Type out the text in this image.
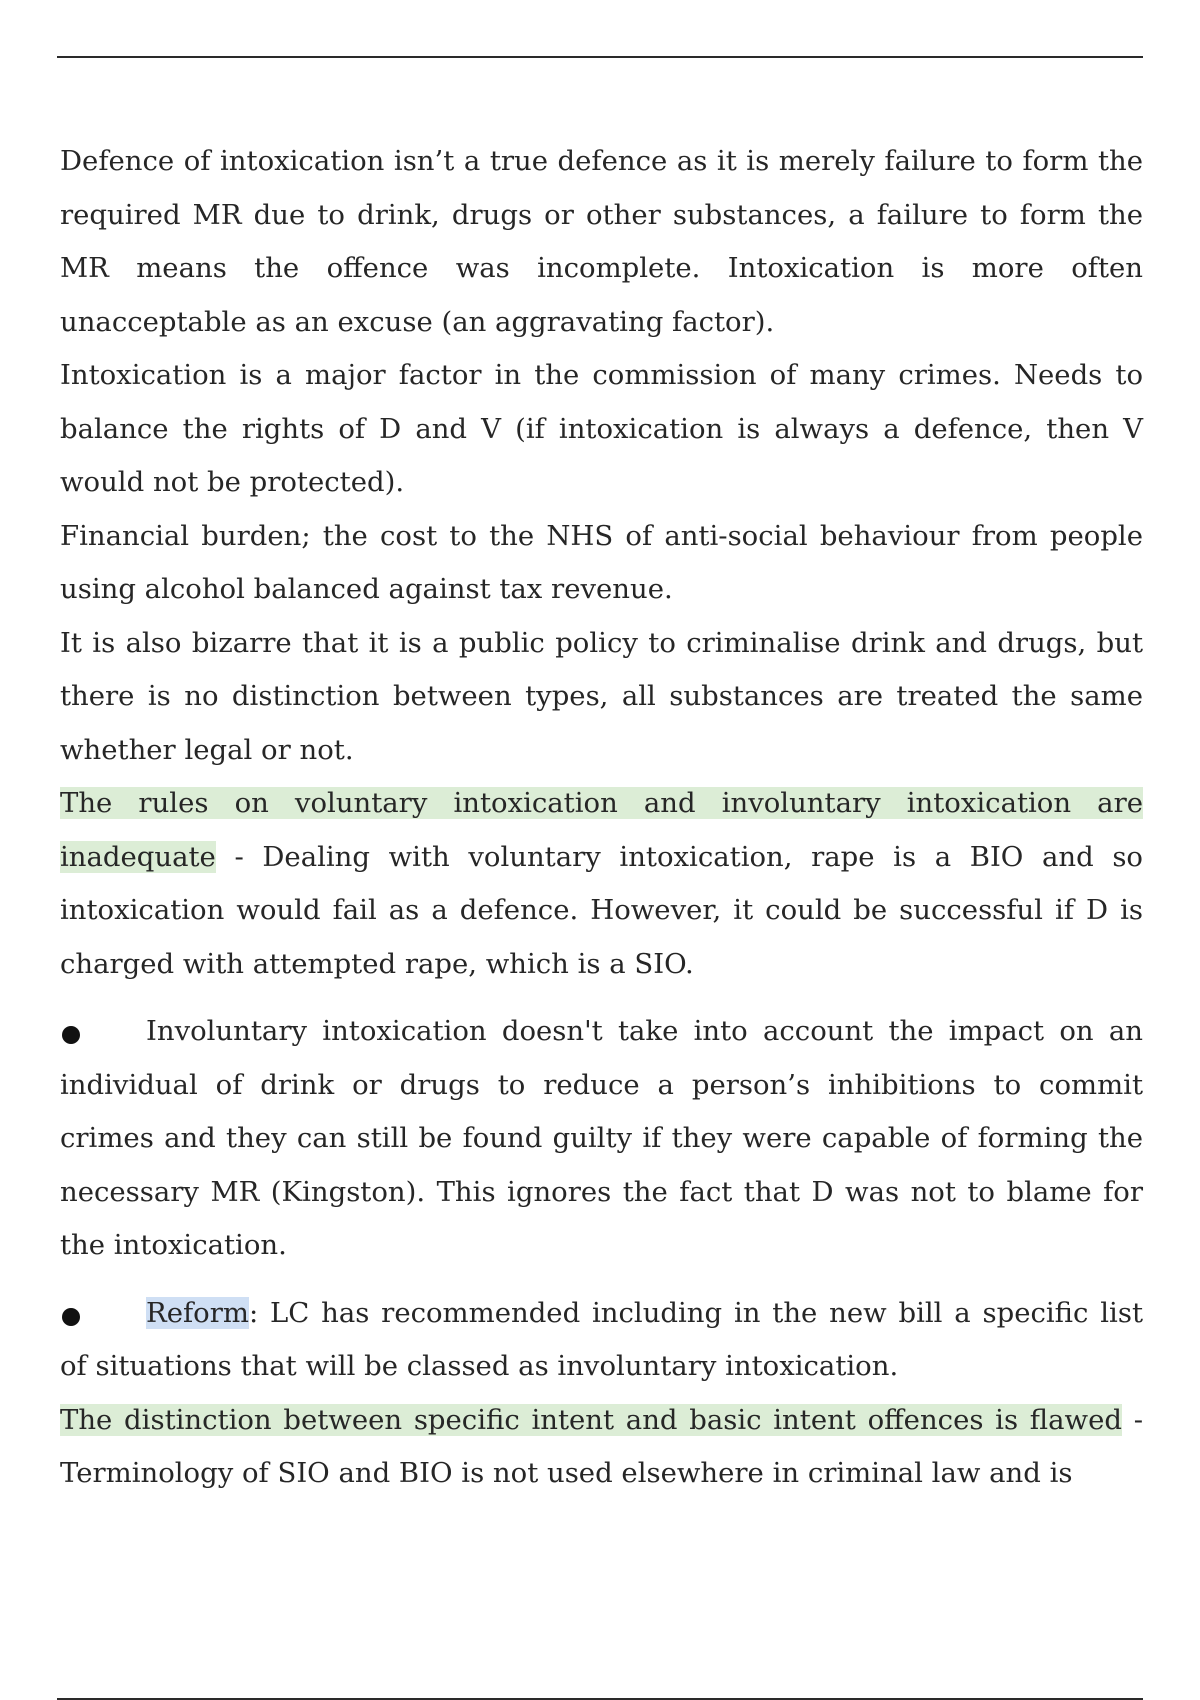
Defence of intoxication isn’t a true defence as it is merely failure to form the required MR due to drink, drugs or other substances, a failure to form the MR means the offence was incomplete. Intoxication is more often unacceptable as an excuse (an aggravating factor).

Intoxication is a major factor in the commission of many crimes. Needs to balance the rights of D and V (if intoxication is always a defence, then V would not be protected).

Financial burden; the cost to the NHS of anti-social behaviour from people using alcohol balanced against tax revenue.

It is also bizarre that it is a public policy to criminalise drink and drugs, but there is no distinction between types, all substances are treated the same whether legal or not.

The rules on voluntary intoxication and involuntary intoxication are inadequate - Dealing with voluntary intoxication, rape is a BIO and so intoxication would fail as a defence. However, it could be successful if D is charged with attempted rape, which is a SIO.

Involuntary intoxication doesn't take into account the impact on an individual of drink or drugs to reduce a person’s inhibitions to commit crimes and they can still be found guilty if they were capable of forming the necessary MR (Kingston). This ignores the fact that D was not to blame for the intoxication.

Reform: LC has recommended including in the new bill a specific list of situations that will be classed as involuntary intoxication.

The distinction between specific intent and basic intent offences is flawed - Terminology of SIO and BIO is not used elsewhere in criminal law and is
